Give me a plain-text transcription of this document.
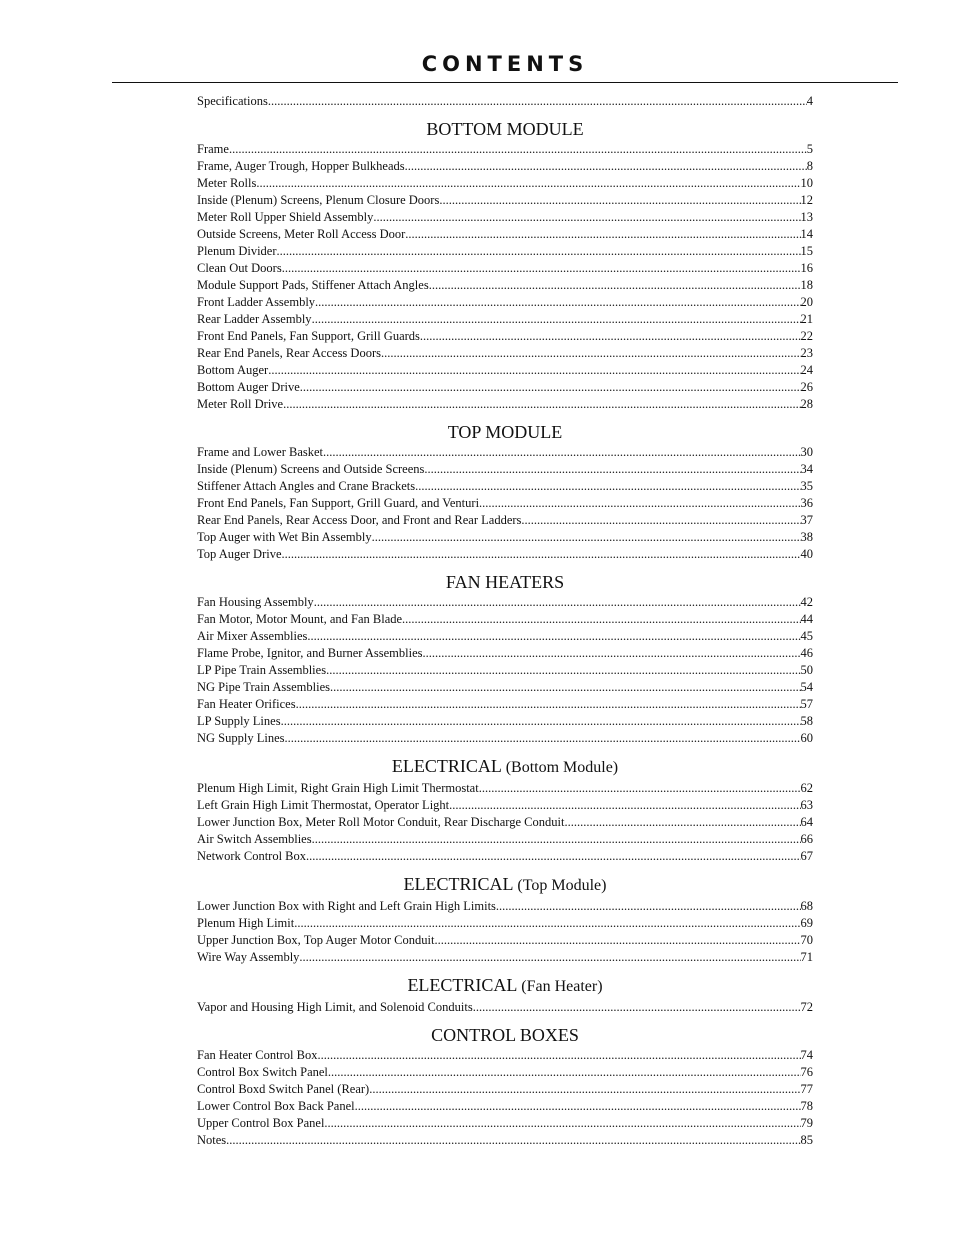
CONTENTS
Specifications .....	4
BOTTOM MODULE
Frame .....	5
Frame, Auger Trough, Hopper Bulkheads .....	8
Meter Rolls .....	10
Inside (Plenum) Screens, Plenum Closure Doors .....	12
Meter Roll Upper Shield Assembly .....	13
Outside Screens, Meter Roll Access Door .....	14
Plenum Divider .....	15
Clean Out Doors .....	16
Module Support Pads, Stiffener Attach Angles .....	18
Front Ladder Assembly .....	20
Rear Ladder Assembly .....	21
Front End Panels, Fan Support, Grill Guards .....	22
Rear End Panels, Rear Access Doors .....	23
Bottom Auger .....	24
Bottom Auger Drive .....	26
Meter Roll Drive .....	28
TOP MODULE
Frame and Lower Basket .....	30
Inside (Plenum) Screens and Outside Screens .....	34
Stiffener Attach Angles and Crane Brackets .....	35
Front End Panels, Fan Support, Grill Guard, and Venturi .....	36
Rear End Panels, Rear Access Door, and Front and Rear Ladders .....	37
Top Auger with Wet Bin Assembly .....	38
Top Auger Drive .....	40
FAN HEATERS
Fan Housing Assembly .....	42
Fan Motor, Motor Mount, and Fan Blade .....	44
Air Mixer Assemblies .....	45
Flame Probe, Ignitor, and Burner Assemblies .....	46
LP Pipe Train Assemblies .....	50
NG Pipe Train Assemblies .....	54
Fan Heater Orifices .....	57
LP Supply Lines .....	58
NG Supply Lines .....	60
ELECTRICAL (Bottom Module)
Plenum High Limit, Right Grain High Limit Thermostat .....	62
Left Grain High Limit Thermostat, Operator Light .....	63
Lower Junction Box, Meter Roll Motor Conduit, Rear Discharge Conduit .....	64
Air Switch Assemblies .....	66
Network Control Box .....	67
ELECTRICAL (Top Module)
Lower Junction Box with Right and Left Grain High Limits .....	68
Plenum High Limit .....	69
Upper Junction Box, Top Auger Motor Conduit .....	70
Wire Way Assembly .....	71
ELECTRICAL (Fan Heater)
Vapor and Housing High Limit, and Solenoid Conduits .....	72
CONTROL BOXES
Fan Heater Control Box .....	74
Control Box Switch Panel .....	76
Control Boxd Switch Panel (Rear) .....	77
Lower Control Box Back Panel .....	78
Upper Control Box Panel .....	79
Notes .....	85
